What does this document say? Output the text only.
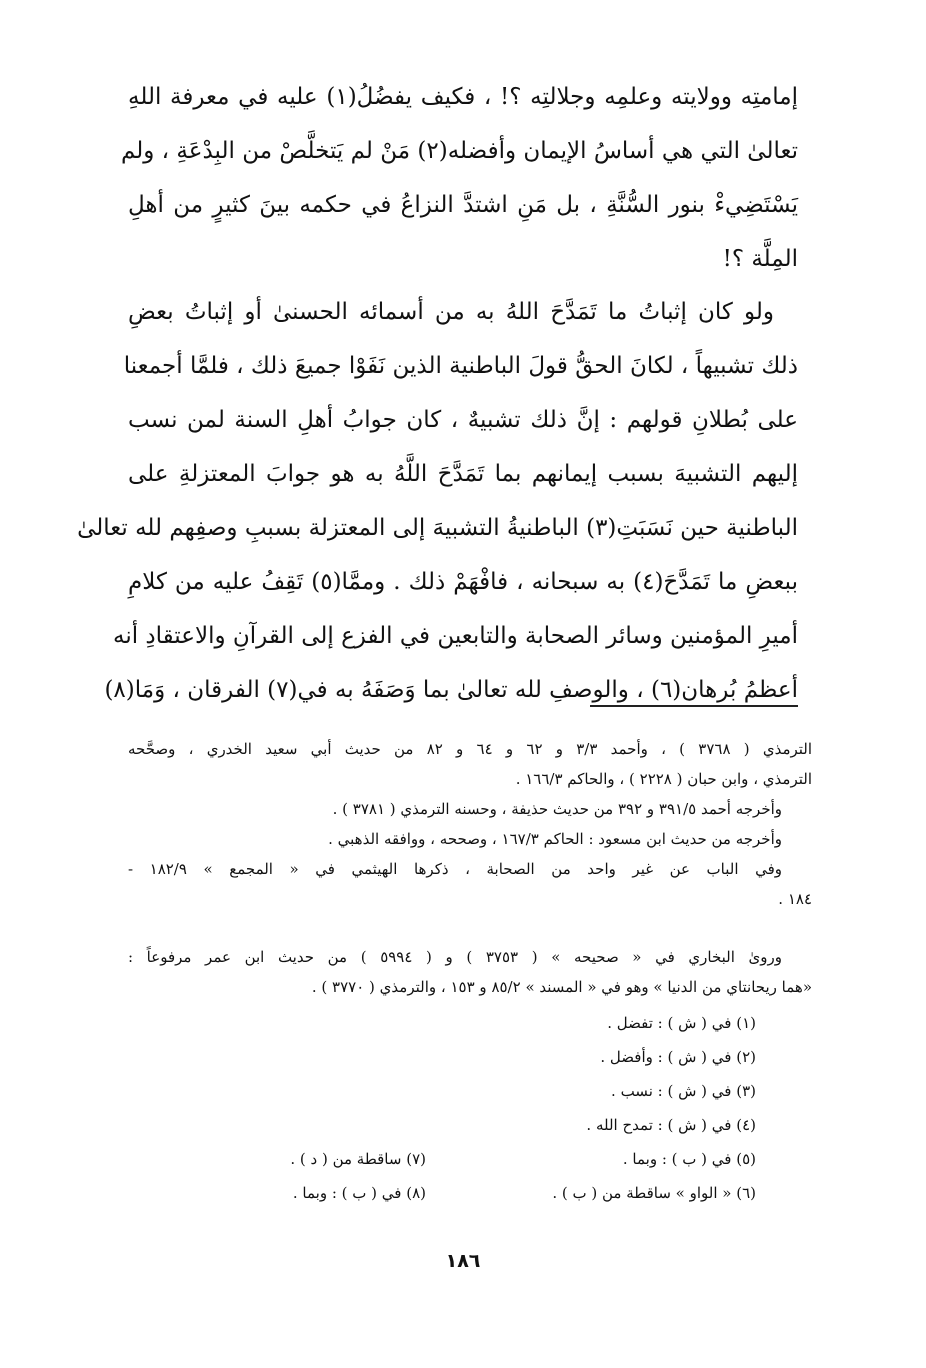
إمامتِه وولايته وعلمِه وجلالتِه ؟! ، فكيف يفضُلُ(١) عليه في معرفة اللهِ
تعالىٰ التي هي أساسُ الإيمان وأفضله(٢) مَنْ لم يَتخلَّصْ من البِدْعَةِ ، ولم
يَسْتَضِيءْ بنور السُّنَّةِ ، بل مَنِ اشتدَّ النزاعُ في حكمه بينَ كثيرٍ من أهلِ
المِلَّة ؟!
ولو كان إثباتُ ما تَمَدَّحَ اللهُ به من أسمائه الحسنىٰ أو إثباتُ بعضِ
ذلك تشبيهاً ، لكانَ الحقُّ قولَ الباطنية الذين نَفَوْا جميعَ ذلك ، فلمَّا أجمعنا
على بُطلانِ قولهم : إنَّ ذلك تشبيهٌ ، كان جوابُ أهلِ السنة لمن نسب
إليهم التشبيهَ بسبب إيمانهم بما تَمَدَّحَ اللَّهُ به هو جوابَ المعتزلةِ على
الباطنية حين نَسَبَتِ(٣) الباطنيةُ التشبيهَ إلى المعتزلة بسببِ وصفِهم لله تعالىٰ
ببعضِ ما تَمَدَّحَ(٤) به سبحانه ، فافْهَمْ ذلك . وممَّا(٥) تَقِفُ عليه من كلامِ
أميرِ المؤمنين وسائر الصحابة والتابعين في الفزع إلى القرآنِ والاعتقادِ أنه
أعظمُ بُرهان(٦) ، والوصفِ لله تعالىٰ بما وَصَفَهُ به في(٧) الفرقان ، وَمَا(٨)
الترمذي ( ٣٧٦٨ ) ، وأحمد ٣/٣ و ٦٢ و ٦٤ و ٨٢ من حديث أبي سعيد الخدري ، وصحَّحه
الترمذي ، وابن حبان ( ٢٢٢٨ ) ، والحاكم ١٦٦/٣ .
وأخرجه أحمد ٣٩١/٥ و ٣٩٢ من حديث حذيفة ، وحسنه الترمذي ( ٣٧٨١ ) .
وأخرجه من حديث ابن مسعود : الحاكم ١٦٧/٣ ، وصححه ، ووافقه الذهبي .
وفي الباب عن غير واحد من الصحابة ، ذكرها الهيثمي في « المجمع » ١٨٢/٩ -
١٨٤ .
وروىٰ البخاري في « صحيحه » ( ٣٧٥٣ ) و ( ٥٩٩٤ ) من حديث ابن عمر مرفوعاً :
«هما ريحانتاي من الدنيا » وهو في « المسند » ٨٥/٢ و ١٥٣ ، والترمذي ( ٣٧٧٠ ) .
(١) في ( ش ) : تفضل .
(٢) في ( ش ) : وأفضل .
(٣) في ( ش ) : نسب .
(٤) في ( ش ) : تمدح الله .
(٥) في ( ب ) : وبما .
(٧) ساقطة من ( د ) .
(٦) « الواو » ساقطة من ( ب ) .
(٨) في ( ب ) : وبما .
١٨٦
